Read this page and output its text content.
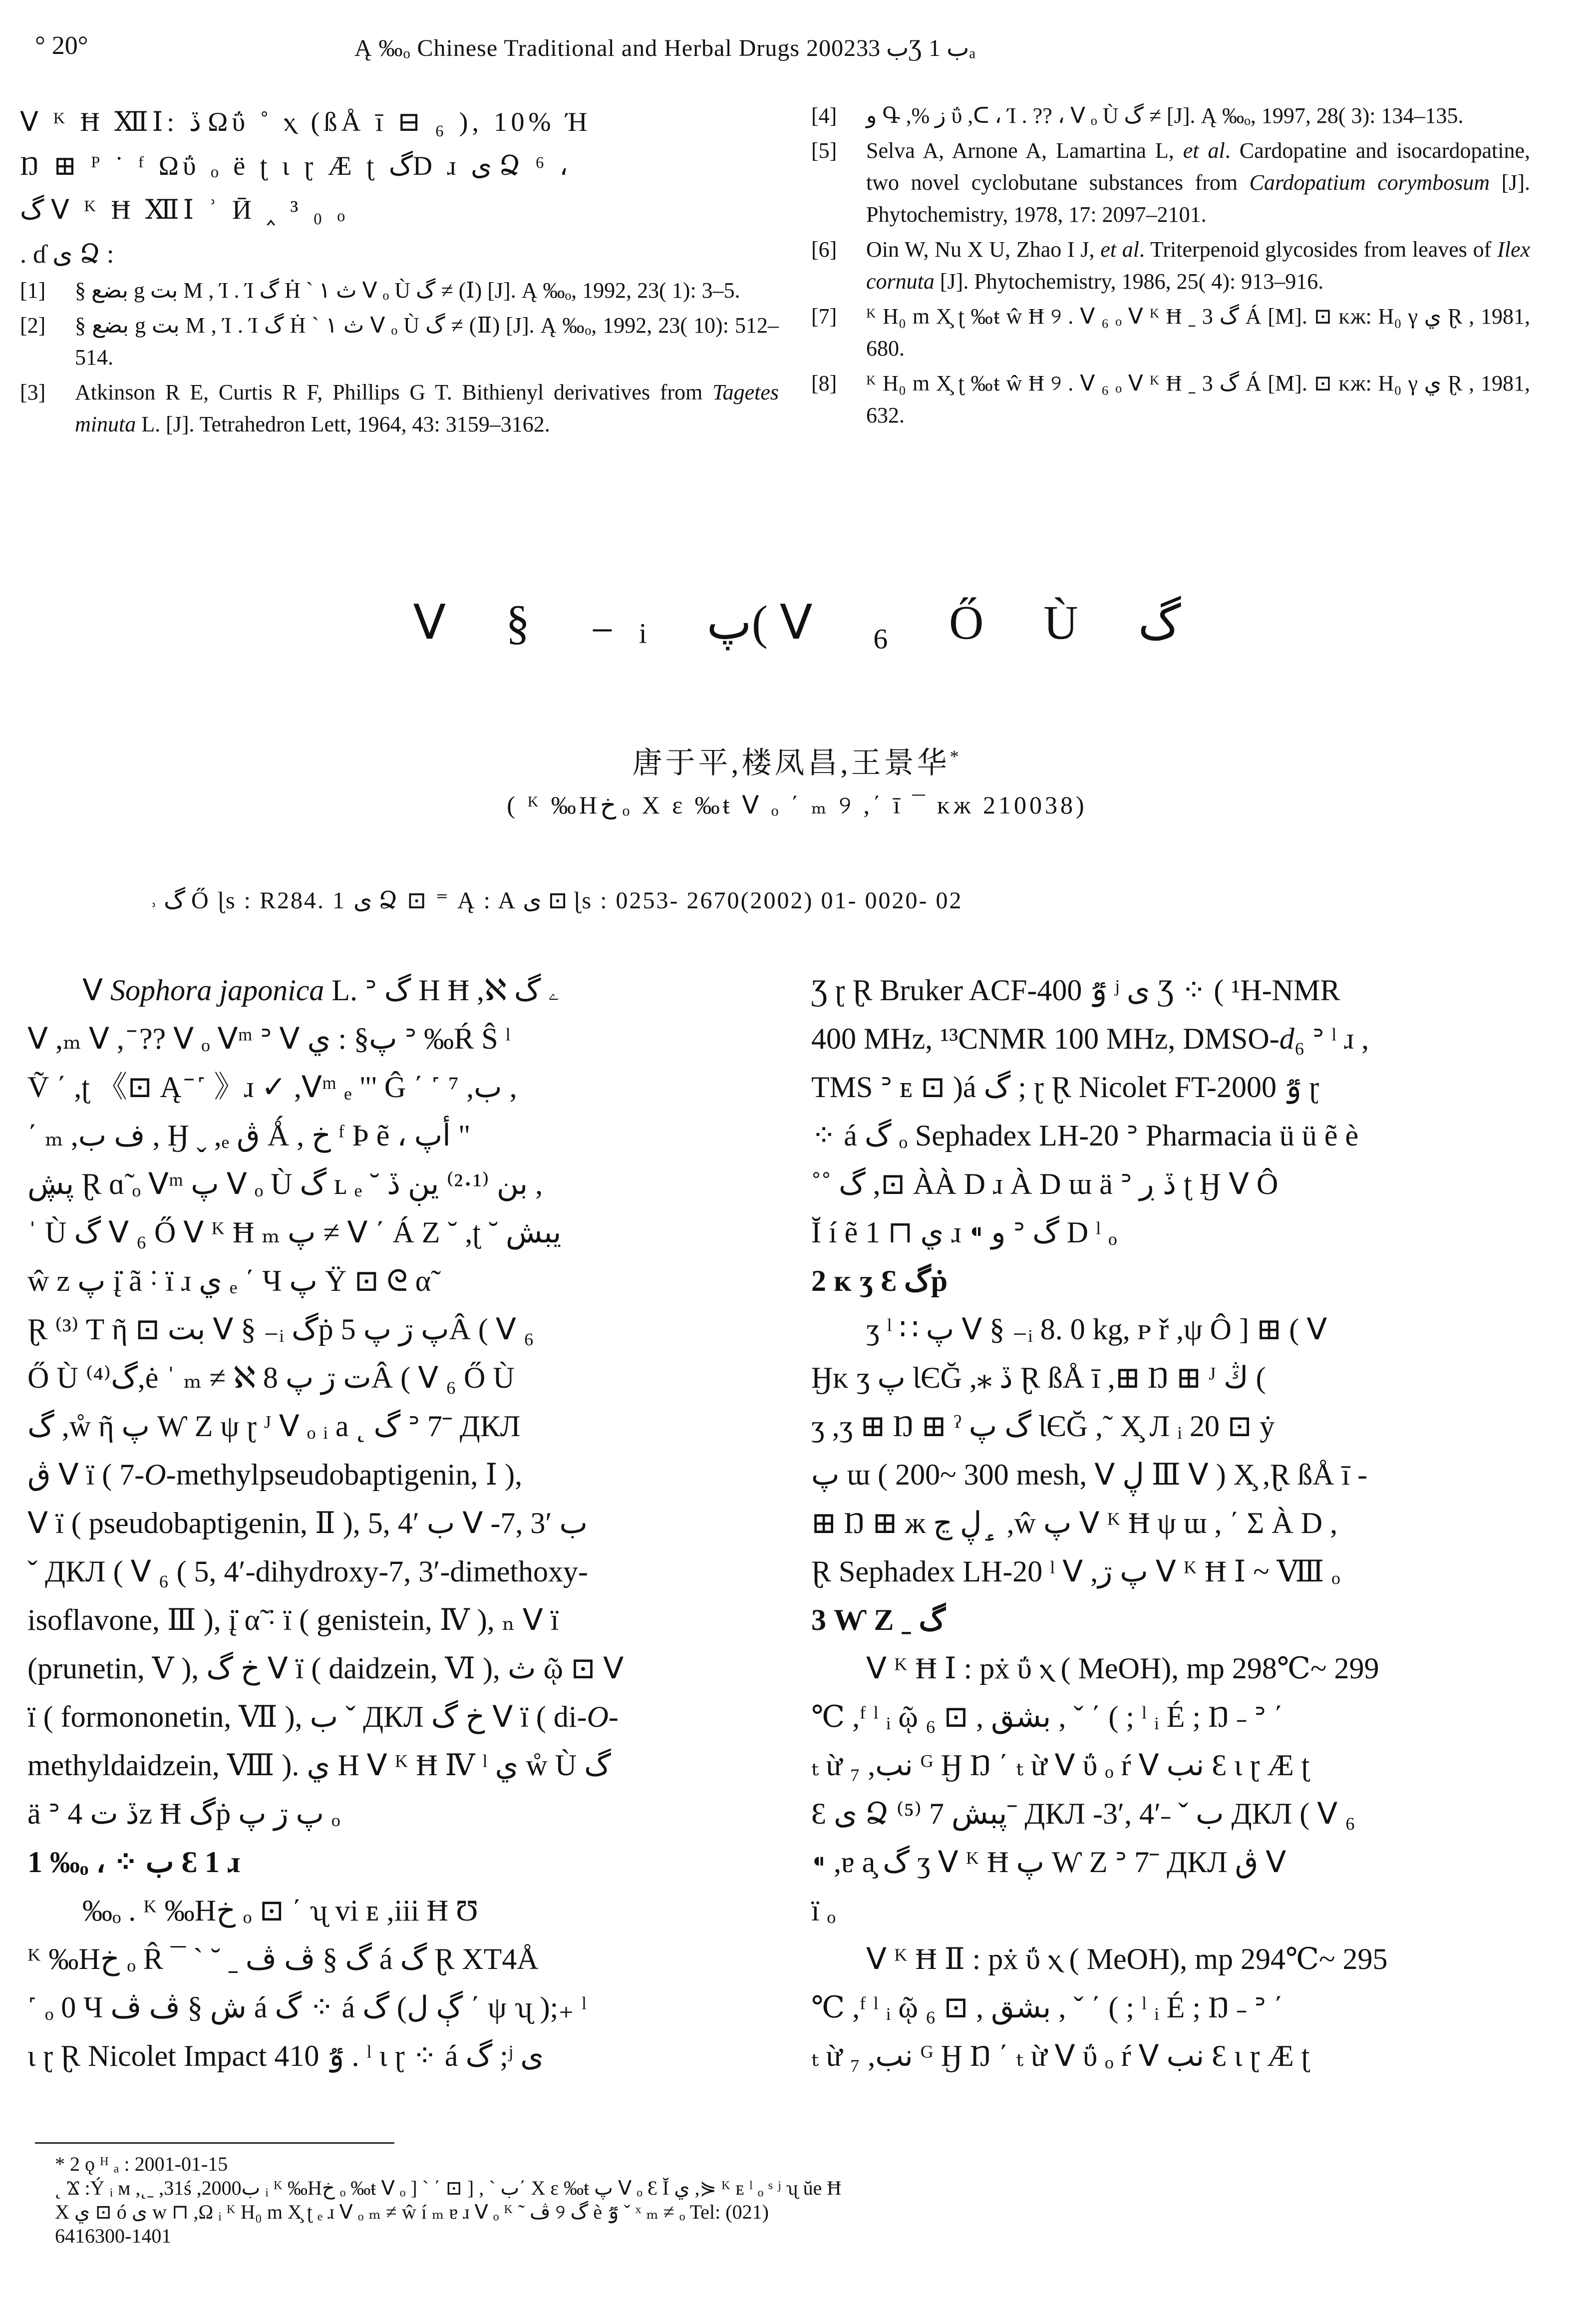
° 20°	Ą ‰ₒ Chinese Traditional and Herbal Drugs 2002ب 33Ʒ ب 1ₐ
ᐯ ᴷ Ħ ⅫⅠ: ڏ Ωΰ ˚ ⲭ (ßÅ ī ⊟ ₆ ), 10% Ή
Ŋ ⊞ ᴾ ˙ ᶠ Ωΰ ₒ ë ʈ ɩ ɽ Æ ʈ گD ɹ ی Ձ ⁶ ،
گ ᐯ ᴷ Ħ ⅫⅠ ʾ Ӣ ‸ ³ ₀ ₒ
. ɗ ی Ձ :
[1]	§ بضع g بت M , Ί . Ί گ Ḣ ˋ ث ۱ ᐯ ₒ Ù گ ≠ (Ⅰ) [J]. Ą ‰ₒ, 1992, 23( 1): 3–5.
[2]	§ بضع g بت M , Ί . Ί گ Ḣ ˋ ث ۱ ᐯ ₒ Ù گ ≠ (Ⅱ) [J]. Ą ‰ₒ, 1992, 23( 10): 512–514.
[3]	Atkinson R E, Curtis R F, Phillips G T. Bithienyl derivatives from Tagetes minuta L. [J]. Tetrahedron Lett, 1964, 43: 3159–3162.
[4]	و Գ ,% ز ΰ ,ᑕ ، Ί . ?? ، ᐯ ₒ Ù گ ≠ [J]. Ą ‰ₒ, 1997, 28( 3): 134–135.
[5]	Selva A, Arnone A, Lamartina L, et al. Cardopatine and isocardopatine, two novel cyclobutane substances from Cardopatium corymbosum [J]. Phytochemistry, 1978, 17: 2097–2101.
[6]	Oin W, Nu X U, Zhao I J, et al. Triterpenoid glycosides from leaves of Ilex cornuta [J]. Phytochemistry, 1986, 25( 4): 913–916.
[7]	ᴷ H₀ m X̧ ʈ ‰ŧ ŵ Ħ ୨ . ᐯ ₆ ₒ ᐯ ᴷ Ħ ˍ گ 3 Á [M]. ⊡ ᴋж: H₀ γ ي Ɽ , 1981, 680.
[8]	ᴷ H₀ m X̧ ʈ ‰ŧ ŵ Ħ ୨ . ᐯ ₆ ₒ ᐯ ᴷ Ħ ˍ گ 3 Á [M]. ⊡ ᴋж: H₀ γ ي Ɽ , 1981, 632.
ᐯ § ₋ᵢ پ( ᐯ ₆ Ő Ù گ
唐于平,楼凤昌,王景华*
( ᴷ ‰Hخ ₒ X ε ‰ŧ ᐯ ₒ ΄ ₘ ୨ ,΄ ī ¯ ᴋж 210038)
˒ گ Ő ɭs : R284. 1 ی Ձ ⊡ ⁼ Ą : A ی ⊡ ɭs : 0253- 2670(2002) 01- 0020- 02

ᐯ Sophora japonica L. ᐣ گ H Ħ ,ℵ ۦ گ

ᐯ ,ₘ ᐯ , ̄ ?? ᐯ ₒ ᐯᵐ ᐣ ᐯ پ§ : ي ᐣ ‰Ŕ Ŝ ˡ

Ṽ ΄ ,ʈ 《⊡ Ą ̄ ˹ 》ɹ ✓ ,ᐯᵐ ₑ "' Ĝ ΄ ˹ ⁷ ,ب ,

΄ ₘ ,ف ب , Ӈ ˬ ,ₑ ڨ Ǻ , خ ᶠ Þ ẽ ، أپ "

پڜ Ɽ ɑ̃ ₒ ᐯᵐ پ ᐯ ₒ Ù گ ʟ ₑ ˘ بن ⁽¹·²⁾ يڹ ڏ ,

ˈ Ù گ ᐯ ₆ Ő ᐯ ᴷ Ħ ₘ پ ≠ ᐯ ΄ Á Ζ ˘ ,ʈ ˘ يبش

ŵ z پ į̇ ã ˸ ï ɹ ي ₑ ΄ Ч پ Ÿ ⊡ ᘓ α̃

Ɽ ⁽³⁾ Ƭ ῆ ⊡ بت ᐯ § ₋ᵢ گṗ پ ڗ پ 5Â ( ᐯ ₆

Ő Ù گ⁽⁴⁾,ė ˈ ₘ ≠ ℵ ت ڗ پ 8Â ( ᐯ ₆ Ő Ù

گ ,ẘ ῆ پ Ⱳ Ζ ψ ɽ ᴶ ᐯ ₒ ᵢ a ˛ گ ᐣ 7ˉ ДКЛ

ڨ ᐯ ï ( 7-O-methylpseudobaptigenin, Ⅰ ),

ᐯ ï ( pseudobaptigenin, Ⅱ ), 5, 4′ ب ᐯ -7, 3′ ب

ˇ ДКЛ ( ᐯ ₆ ( 5, 4′-dihydroxy-7, 3′-dimethoxy-

isoflavone, Ⅲ ), į̇ α̃ ˸ ï ( genistein, Ⅳ ), ₙ ᐯ ï

(prunetin, Ⅴ ), خ گ ᐯ ï ( daidzein, Ⅵ ), ث ῷ ⊡ ᐯ

ï ( formononetin, Ⅶ ), ب ˇ ДКЛ خ گ ᐯ ï ( di-O-

methyldaidzein, Ⅷ ). ي H ᐯ ᴷ Ħ Ⅳ ˡ ي ẘ Ù گ

ä ᐣ 4 ڏ تz Ħ گṗ پ ڗ پ ₒ

1 ‰ₒ ، ⁘ ب Ɛ 1 ɹ

‰ₒ . ᴷ ‰Hخ ₒ ⊡ ΄ ʯ vi ᴇ ,iii Ħ Ʊ

ᴷ ‰Hخ ₒ R̂ ¯ ˋ ˘ ˍ گ § ڤ ڤ á گ Ɽ XT4Å

˹ ₒ 0 Ч ش § ڤ ڤ á گ ⁘ á گ (ڳ ل ΄ ψ ʯ );₊ ˡ

ɩ ɽ Ɽ Nicolet Impact 410 ٷ . ˡ ɩ ɽ ⁘ á گ ;ʲ ی

Ʒ ɽ Ɽ Bruker ACF-400 ٷ ʲ ی Ʒ ⁘ ( ¹H-NMR

400 MHz, ¹³CNMR 100 MHz, DMSO-d₆ ᐣ ˡ ɹ ,

TMS ᐣ ᴇ ⊡ )á گ ; ɽ Ɽ Nicolet FT-2000 ٷ ɽ

⁘ á گ ₒ Sephadex LH-20 ᐣ Pharmacia ü ü ẽ è

˚˚ گ ,⊡ ÀÀ D ɹ À D ɯ ä ᐣ ڏ ڔ ʈ Ӈ ᐯ Ô

Ĭ í ẽ ي ⊓ 1 ɹ ⁌ و ᐣ گ D ˡ ₒ

2 ᴋ ʒ Ɛ گṗ

ʒ ˡ ∷ پ ᐯ § ₋ᵢ 8. 0 kg, ᴘ ř ,ψ Ô ] ⊞ ( ᐯ

Ӈᴋ ʒ پ ƖЄĞ ,⁎ ڏ Ɽ ßÅ ī ,⊞ Ŋ ⊞ ᴶ ڭ (

ʒ ,ʒ ⊞ Ŋ ⊞ ˀ گ پ ƖЄĞ ,˜ X̧ Л ᵢ 20 ⊡ ẏ

پ ɯ ( 200~ 300 mesh, ᐯ ڸ Ⅲ ᐯ ) X̧ ,Ɽ ßÅ ī -

⊞ Ŋ ⊞ ж ڸ ڃ ٟ ,ŵ پ ᐯ ᴷ Ħ ψ ɯ , ΄ Σ À D ,

Ɽ Sephadex LH-20 ˡ ᐯ ,پ ڗ ᐯ ᴷ Ħ Ⅰ ~ Ⅷ ₒ

3 Ⱳ Ζ ˍ گ

ᐯ ᴷ Ħ Ⅰ : pẋ ΰ ⲭ ( MeOH), mp 298℃~ 299

℃ ,ᶠ ˡ ᵢ ῷ بشق , ⊡ ₆ , ˇ ΄ ( ; ˡ ᵢ É ; Ŋ ˗ ᐣ ΄

ₜ ừ ₇ ,نب ᴳ Ӈ Ŋ ΄ ₜ ừ ᐯ ΰ ₒ ŕ ᐯ نب Ɛ ɩ ɽ Æ ʈ

Ɛ ی Ձ ⁽⁵⁾ پبش 7ˉ ДКЛ -3′, 4′˗ ˇ ب ДКЛ ( ᐯ ₆

⁌ ,ɐ a̧ گ ʒ ᐯ ᴷ Ħ پ Ⱳ Ζ ᐣ 7ˉ ДКЛ ڨ ᐯ

ï ₒ

ᐯ ᴷ Ħ Ⅱ : pẋ ΰ ⲭ ( MeOH), mp 294℃~ 295

℃ ,ᶠ ˡ ᵢ ῷ بشق , ⊡ ₆ , ˇ ΄ ( ; ˡ ᵢ É ; Ŋ ˗ ᐣ ΄

ₜ ừ ₇ ,نب ᴳ Ӈ Ŋ ΄ ₜ ừ ᐯ ΰ ₒ ŕ ᐯ نب Ɛ ɩ ɽ Æ ʈ

* 2 ǫ ᴴ ₐ : 2001-01-15
˛ Ϫ :Ý ᵢ ᴍ ,˛ˍ ,31ś ,2000ب ᵢ ᴷ ‰Hخ ₒ ‰ŧ ᐯ ₒ ] ˋ ΄ ⊡ ] , ˋ ب΄ X ε ‰ŧ پ ᐯ ₒ Ɛ Ĭ ي ,⋟ ᴷ ᴇ ˡ ₒ ˢ ʲ ʯ ŭe Ħ
X ي ⊡ ó ی w ⊓ ,Ω ᵢ ᴷ H₀ m X̧ ʈ ₑ ɹ ᐯ ₒ ₘ ≠ ŵ í ₘ ɐ ɹ ᐯ ₒ ᴷ ˜ ڤ ୨ گ è ٷ ˇ ˣ ₘ ≠ ₒ Tel: (021)
6416300-1401
